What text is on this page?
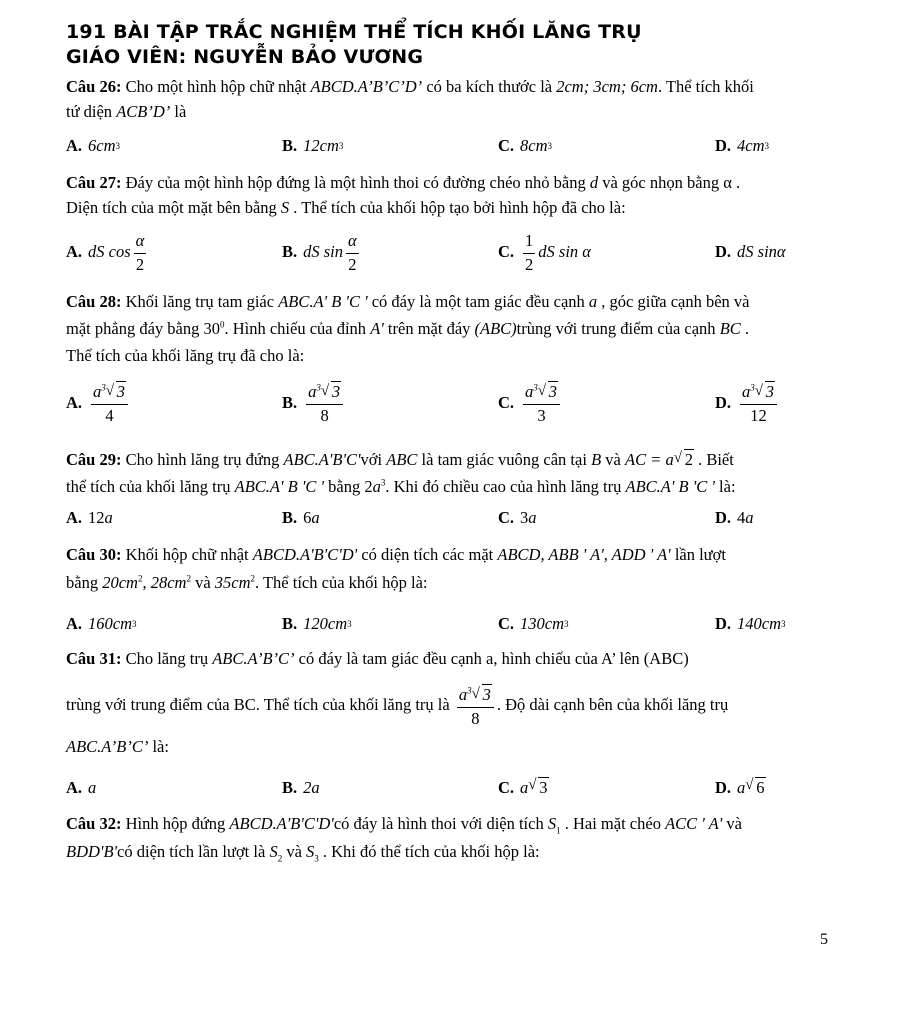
191 BÀI TẬP TRẮC NGHIỆM THỂ TÍCH KHỐI LĂNG TRỤ
GIÁO VIÊN: NGUYỄN BẢO VƯƠNG
Câu 26: Cho một hình hộp chữ nhật ABCD.A’B’C’D’ có ba kích thước là 2cm; 3cm; 6cm. Thể tích khối
tứ diện ACB’D’ là
A. 6cm 3	B. 12cm 3	C. 8cm 3	D. 4cm 3
Câu 27: Đáy của một hình hộp đứng là một hình thoi có đường chéo nhỏ bằng d và góc nhọn bằng α .
Diện tích của một mặt bên bằng S . Thể tích của khối hộp tạo bởi hình hộp đã cho là:
A. dS $\cos \frac{\alpha}{2}$	B. dS $\sin \frac{\alpha}{2}$	C. $\frac{1}{2}$ dS sin α	D. dS sinα
Câu 28: Khối lăng trụ tam giác ABC.A' B 'C ' có đáy là một tam giác đều cạnh a , góc giữa cạnh bên và
mặt phẳng đáy bằng $30^0$. Hình chiếu của đỉnh A' trên mặt đáy (ABC)trùng với trung điểm của cạnh BC .
Thể tích của khối lăng trụ đã cho là:
A. $\frac{a^3 √ 3}{4}$	B. $\frac{a^3 √ 3}{8}$	C. $\frac{a^3 √ 3}{3}$	D. $\frac{a^3 √ 3}{12}$
Câu 29: Cho hình lăng trụ đứng ABC.A'B'C'với ABC là tam giác vuông cân tại B và AC = a √ 2 . Biết
thể tích của khối lăng trụ ABC.A' B 'C ' bằng $2a^3$. Khi đó chiều cao của hình lăng trụ ABC.A' B 'C ' là:
A. 12 a	B. 6 a	C. 3 a	D. 4 a
Câu 30: Khối hộp chữ nhật ABCD.A'B'C'D' có diện tích các mặt ABCD, ABB ' A', ADD ' A' lần lượt
bằng $20cm^2$, $28cm^2$ và $35cm^2$. Thể tích của khối hộp là:
A. 160cm 3	B. 120cm 3	C. 130cm 3	D. 140cm 3
Câu 31: Cho lăng trụ ABC.A’B’C’ có đáy là tam giác đều cạnh a, hình chiếu của A’ lên (ABC)
trùng với trung điểm của BC. Thể tích của khối lăng trụ là $\frac{a^3 √ 3}{8}$ . Độ dài cạnh bên của khối lăng trụ
ABC.A’B’C’ là:
A. a	B. 2a	C. a √ 3	D. a √ 6
Câu 32: Hình hộp đứng ABCD.A'B'C'D'có đáy là hình thoi với diện tích $S_1$ . Hai mặt chéo ACC ' A' và
BDD'B'có diện tích lần lượt là $S_2$ và $S_3$ . Khi đó thể tích của khối hộp là:
5
